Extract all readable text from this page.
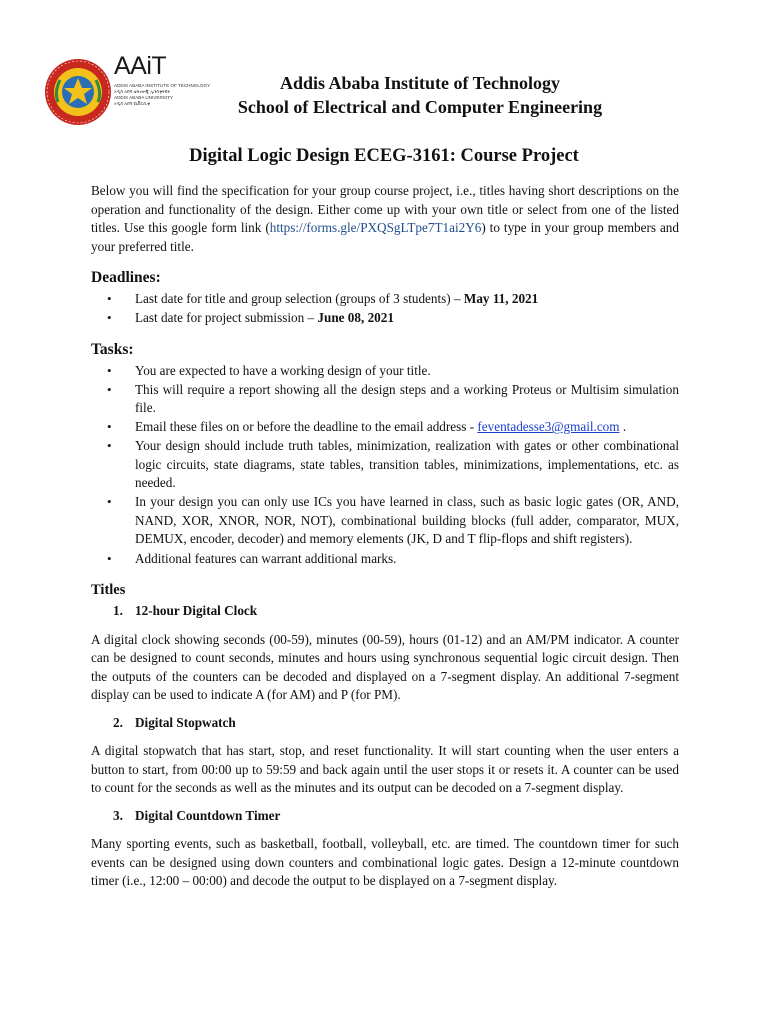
AAiT
ADDIS ABABA INSTITUTE OF TECHNOLOGY
አዲስ አበባ ቴክኖሎጂ ኢንስቲትዩት
ADDIS ABABA UNIVERSITY
አዲስ አበባ ዩኒቨርሲቲ
Addis Ababa Institute of Technology
School of Electrical and Computer Engineering
Digital Logic Design ECEG-3161: Course Project

Below you will find the specification for your group course project, i.e., titles having short descriptions on the operation and functionality of the design. Either come up with your own title or select from one of the listed titles. Use this google form link (https://forms.gle/PXQSgLTpe7T1ai2Y6) to type in your group members and your preferred title.

Deadlines:
• Last date for title and group selection (groups of 3 students) – May 11, 2021
• Last date for project submission – June 08, 2021
Tasks:
• You are expected to have a working design of your title.
• This will require a report showing all the design steps and a working Proteus or Multisim simulation file.
• Email these files on or before the deadline to the email address - feventadesse3@gmail.com .
• Your design should include truth tables, minimization, realization with gates or other combinational logic circuits, state diagrams, state tables, transition tables, minimizations, implementations, etc. as needed.
• In your design you can only use ICs you have learned in class, such as basic logic gates (OR, AND, NAND, XOR, XNOR, NOR, NOT), combinational building blocks (full adder, comparator, MUX, DEMUX, encoder, decoder) and memory elements (JK, D and T flip-flops and shift registers).
• Additional features can warrant additional marks.
Titles
1. 12-hour Digital Clock

A digital clock showing seconds (00-59), minutes (00-59), hours (01-12) and an AM/PM indicator. A counter can be designed to count seconds, minutes and hours using synchronous sequential logic circuit design. Then the outputs of the counters can be decoded and displayed on a 7-segment display. An additional 7-segment display can be used to indicate A (for AM) and P (for PM).

2. Digital Stopwatch

A digital stopwatch that has start, stop, and reset functionality. It will start counting when the user enters a button to start, from 00:00 up to 59:59 and back again until the user stops it or resets it. A counter can be used to count for the seconds as well as the minutes and its output can be decoded on a 7-segment display.

3. Digital Countdown Timer

Many sporting events, such as basketball, football, volleyball, etc. are timed. The countdown timer for such events can be designed using down counters and combinational logic gates. Design a 12-minute countdown timer (i.e., 12:00 – 00:00) and decode the output to be displayed on a 7-segment display.
